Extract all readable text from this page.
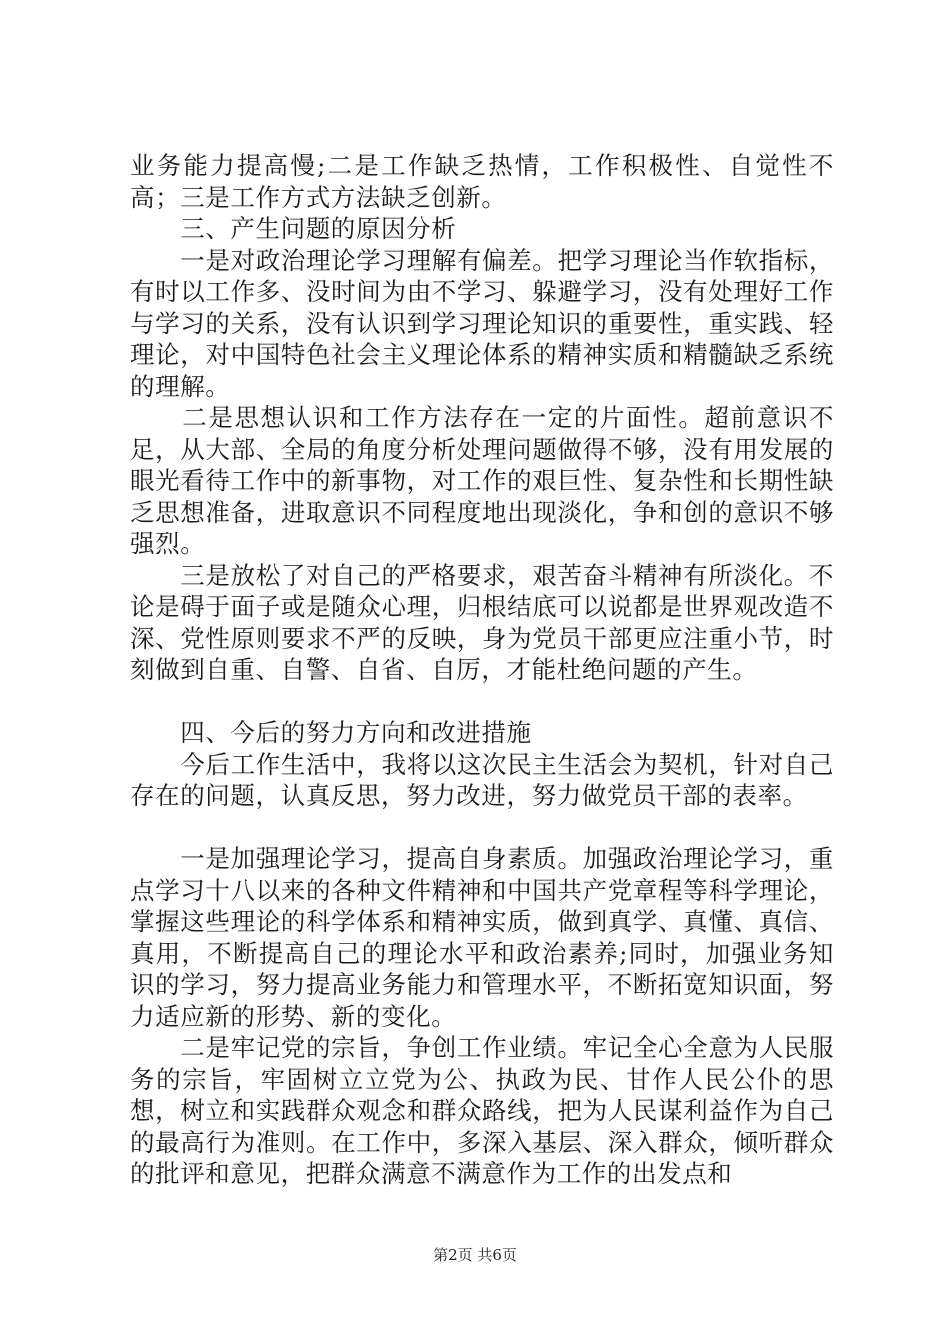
业务能力提高慢;二是工作缺乏热情，工作积极性、自觉性不高；三是工作方式方法缺乏创新。

　　三、产生问题的原因分析

　　一是对政治理论学习理解有偏差。把学习理论当作软指标，有时以工作多、没时间为由不学习、躲避学习，没有处理好工作与学习的关系，没有认识到学习理论知识的重要性，重实践、轻理论，对中国特色社会主义理论体系的精神实质和精髓缺乏系统的理解。

　　二是思想认识和工作方法存在一定的片面性。超前意识不足，从大部、全局的角度分析处理问题做得不够，没有用发展的眼光看待工作中的新事物，对工作的艰巨性、复杂性和长期性缺乏思想准备，进取意识不同程度地出现淡化，争和创的意识不够强烈。

　　三是放松了对自己的严格要求，艰苦奋斗精神有所淡化。不论是碍于面子或是随众心理，归根结底可以说都是世界观改造不深、党性原则要求不严的反映，身为党员干部更应注重小节，时刻做到自重、自警、自省、自厉，才能杜绝问题的产生。

　　四、今后的努力方向和改进措施

　　今后工作生活中，我将以这次民主生活会为契机，针对自己存在的问题，认真反思，努力改进，努力做党员干部的表率。

　　一是加强理论学习，提高自身素质。加强政治理论学习，重点学习十八以来的各种文件精神和中国共产党章程等科学理论，掌握这些理论的科学体系和精神实质，做到真学、真懂、真信、真用，不断提高自己的理论水平和政治素养;同时，加强业务知识的学习，努力提高业务能力和管理水平，不断拓宽知识面，努力适应新的形势、新的变化。

　　二是牢记党的宗旨，争创工作业绩。牢记全心全意为人民服务的宗旨，牢固树立立党为公、执政为民、甘作人民公仆的思想，树立和实践群众观念和群众路线，把为人民谋利益作为自己的最高行为准则。在工作中，多深入基层、深入群众，倾听群众的批评和意见，把群众满意不满意作为工作的出发点和

第2页 共6页
